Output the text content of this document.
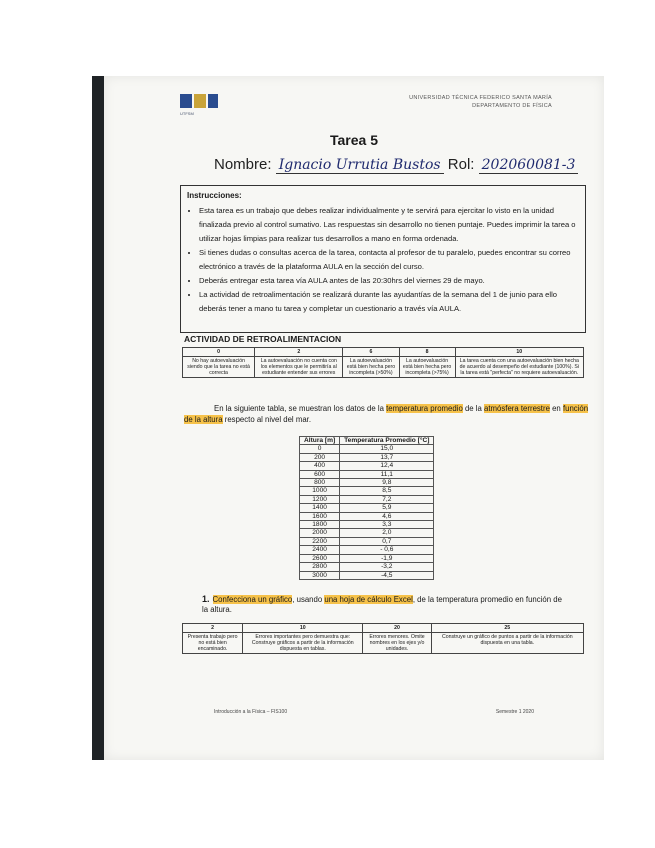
UTFSM
UNIVERSIDAD TÉCNICA FEDERICO SANTA MARÍA
DEPARTAMENTO DE FÍSICA
Tarea 5
Nombre: Ignacio Urrutia Bustos Rol: 202060081-3
Instrucciones:
• Esta tarea es un trabajo que debes realizar individualmente y te servirá para ejercitar lo visto en la unidad finalizada previo al control sumativo. Las respuestas sin desarrollo no tienen puntaje. Puedes imprimir la tarea o utilizar hojas limpias para realizar tus desarrollos a mano en forma ordenada.
• Si tienes dudas o consultas acerca de la tarea, contacta al profesor de tu paralelo, puedes encontrar su correo electrónico a través de la plataforma AULA en la sección del curso.
• Deberás entregar esta tarea vía AULA antes de las 20:30hrs del viernes 29 de mayo.
• La actividad de retroalimentación se realizará durante las ayudantías de la semana del 1 de junio para ello deberás tener a mano tu tarea y completar un cuestionario a través vía AULA.
ACTIVIDAD DE RETROALIMENTACION
0	2	6	8	10
No hay autoevaluación siendo que la tarea no está correcta	La autoevaluación no cuenta con los elementos que le permitiría al estudiante entender sus errores	La autoevaluación está bien hecha pero incompleta (>50%)	La autoevaluación está bien hecha pero incompleta (>75%)	La tarea cuenta con una autoevaluación bien hecha de acuerdo al desempeño del estudiante (100%). Si la tarea está "perfecta" no requiere autoevaluación.
En la siguiente tabla, se muestran los datos de la temperatura promedio de la atmósfera terrestre en función de la altura respecto al nivel del mar.
Altura [m]	Temperatura Promedio [°C]
0	15,0
200	13,7
400	12,4
600	11,1
800	9,8
1000	8,5
1200	7,2
1400	5,9
1600	4,6
1800	3,3
2000	2,0
2200	0,7
2400	- 0,6
2600	-1,9
2800	-3,2
3000	-4,5
1. Confecciona un gráfico, usando una hoja de cálculo Excel, de la temperatura promedio en función de la altura.
2	10	20	25
Presenta trabajo pero no está bien encaminado.	Errores importantes pero demuestra que: Construye gráficos a partir de la información dispuesta en tablas.	Errores menores. Omite nombres en los ejes y/o unidades.	Construye un gráfico de puntos a partir de la información dispuesta en una tabla.
Introducción a la Física – FIS100	Semestre 1 2020
